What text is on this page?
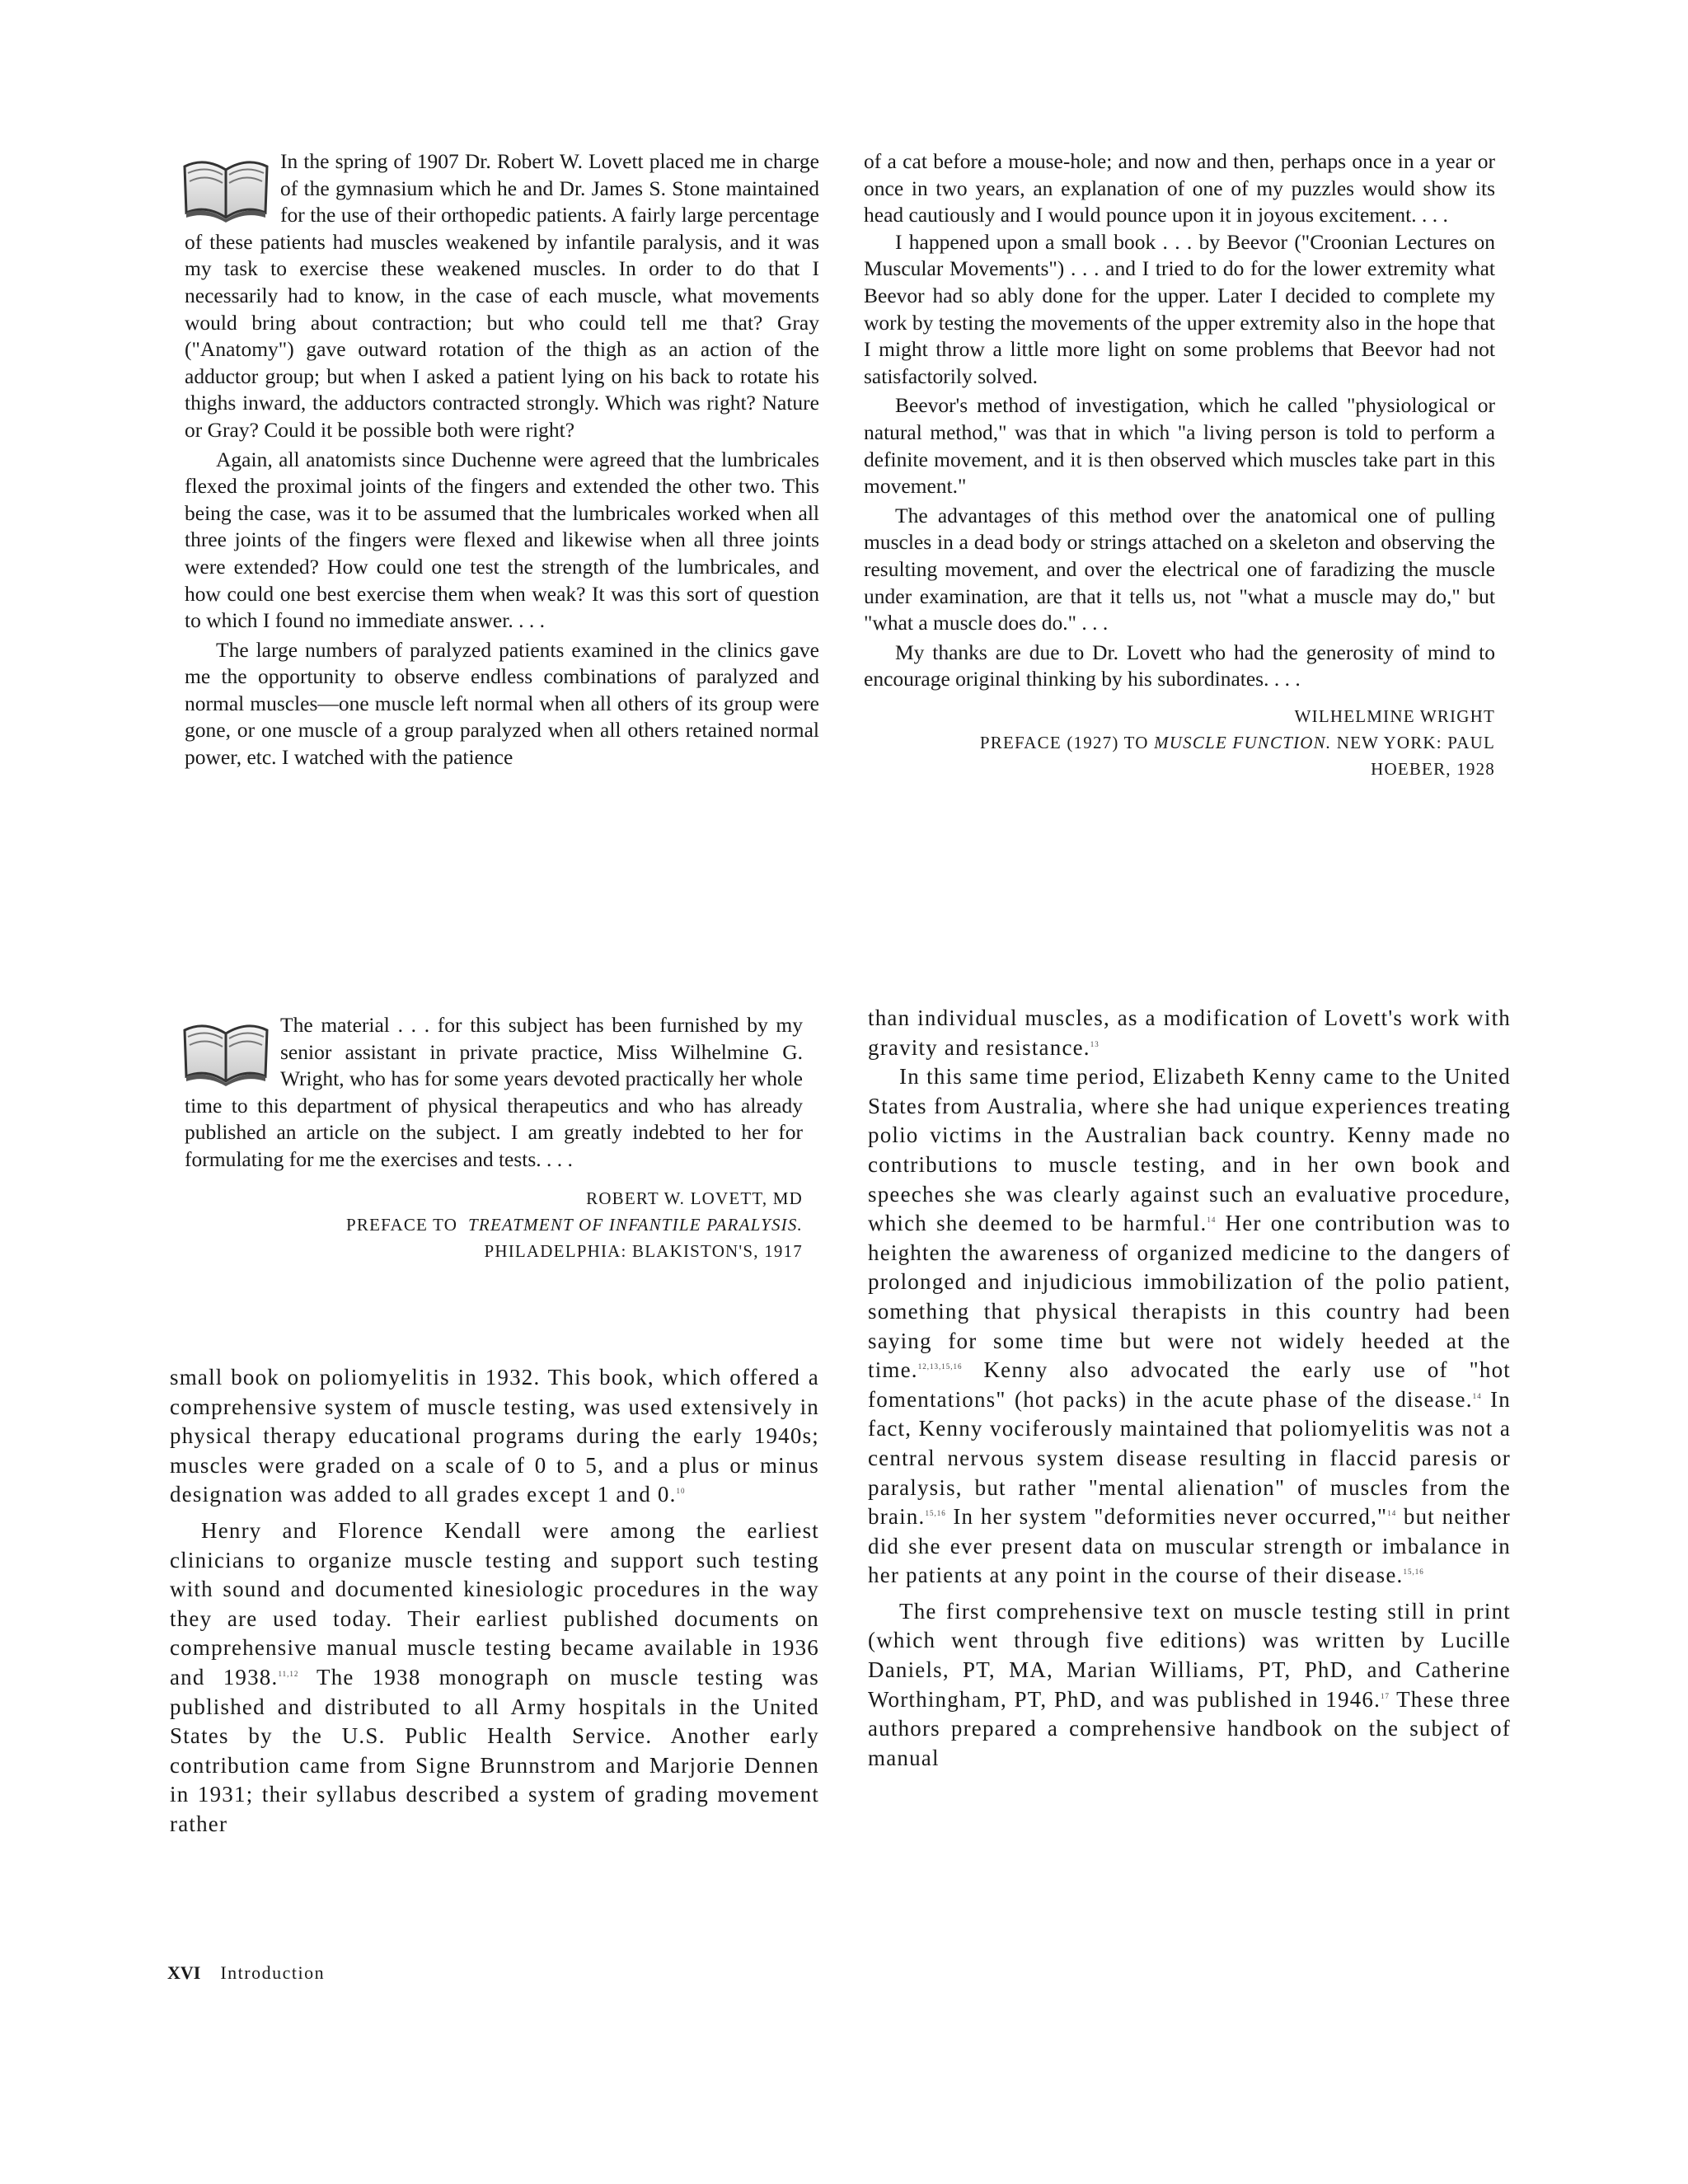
In the spring of 1907 Dr. Robert W. Lovett placed me in charge of the gymnasium which he and Dr. James S. Stone maintained for the use of their orthopedic patients. A fairly large percentage of these patients had muscles weakened by infantile paralysis, and it was my task to exercise these weakened muscles. In order to do that I necessarily had to know, in the case of each muscle, what movements would bring about contraction; but who could tell me that? Gray ("Anatomy") gave outward rotation of the thigh as an action of the adductor group; but when I asked a patient lying on his back to rotate his thighs inward, the adductors contracted strongly. Which was right? Nature or Gray? Could it be possible both were right?

Again, all anatomists since Duchenne were agreed that the lumbricales flexed the proximal joints of the fingers and extended the other two. This being the case, was it to be assumed that the lumbricales worked when all three joints of the fingers were flexed and likewise when all three joints were extended? How could one test the strength of the lumbricales, and how could one best exercise them when weak? It was this sort of question to which I found no immediate answer. . . .

The large numbers of paralyzed patients examined in the clinics gave me the opportunity to observe endless combinations of paralyzed and normal muscles—one muscle left normal when all others of its group were gone, or one muscle of a group paralyzed when all others retained normal power, etc. I watched with the patience

of a cat before a mouse-hole; and now and then, perhaps once in a year or once in two years, an explanation of one of my puzzles would show its head cautiously and I would pounce upon it in joyous excitement. . . .

I happened upon a small book . . . by Beevor ("Croonian Lectures on Muscular Movements") . . . and I tried to do for the lower extremity what Beevor had so ably done for the upper. Later I decided to complete my work by testing the movements of the upper extremity also in the hope that I might throw a little more light on some problems that Beevor had not satisfactorily solved.

Beevor's method of investigation, which he called "physiological or natural method," was that in which "a living person is told to perform a definite movement, and it is then observed which muscles take part in this movement."

The advantages of this method over the anatomical one of pulling muscles in a dead body or strings attached on a skeleton and observing the resulting movement, and over the electrical one of faradizing the muscle under examination, are that it tells us, not "what a muscle may do," but "what a muscle does do." . . .

My thanks are due to Dr. Lovett who had the generosity of mind to encourage original thinking by his subordinates. . . .

WILHELMINE WRIGHT

PREFACE (1927) TO MUSCLE FUNCTION. NEW YORK: PAUL

HOEBER, 1928

The material . . . for this subject has been furnished by my senior assistant in private practice, Miss Wilhelmine G. Wright, who has for some years devoted practically her whole time to this department of physical therapeutics and who has already published an article on the subject. I am greatly indebted to her for formulating for me the exercises and tests. . . .

ROBERT W. LOVETT, MD

PREFACE TO TREATMENT OF INFANTILE PARALYSIS.

PHILADELPHIA: BLAKISTON'S, 1917

small book on poliomyelitis in 1932. This book, which offered a comprehensive system of muscle testing, was used extensively in physical therapy educational programs during the early 1940s; muscles were graded on a scale of 0 to 5, and a plus or minus designation was added to all grades except 1 and 0.10

Henry and Florence Kendall were among the earliest clinicians to organize muscle testing and support such testing with sound and documented kinesiologic procedures in the way they are used today. Their earliest published documents on comprehensive manual muscle testing became available in 1936 and 1938.$^{11,12}$ The 1938 monograph on muscle testing was published and distributed to all Army hospitals in the United States by the U.S. Public Health Service. Another early contribution came from Signe Brunnstrom and Marjorie Dennen in 1931; their syllabus described a system of grading movement rather

than individual muscles, as a modification of Lovett's work with gravity and resistance.$^{13}$

In this same time period, Elizabeth Kenny came to the United States from Australia, where she had unique experiences treating polio victims in the Australian back country. Kenny made no contributions to muscle testing, and in her own book and speeches she was clearly against such an evaluative procedure, which she deemed to be harmful.$^{14}$ Her one contribution was to heighten the awareness of organized medicine to the dangers of prolonged and injudicious immobilization of the polio patient, something that physical therapists in this country had been saying for some time but were not widely heeded at the time.$^{12,13,15,16}$ Kenny also advocated the early use of "hot fomentations" (hot packs) in the acute phase of the disease.$^{14}$ In fact, Kenny vociferously maintained that poliomyelitis was not a central nervous system disease resulting in flaccid paresis or paralysis, but rather "mental alienation" of muscles from the brain.$^{15,16}$ In her system "deformities never occurred,"$^{14}$ but neither did she ever present data on muscular strength or imbalance in her patients at any point in the course of their disease.$^{15,16}$

The first comprehensive text on muscle testing still in print (which went through five editions) was written by Lucille Daniels, PT, MA, Marian Williams, PT, PhD, and Catherine Worthingham, PT, PhD, and was published in 1946.17 These three authors prepared a comprehensive handbook on the subject of manual

XVI Introduction
